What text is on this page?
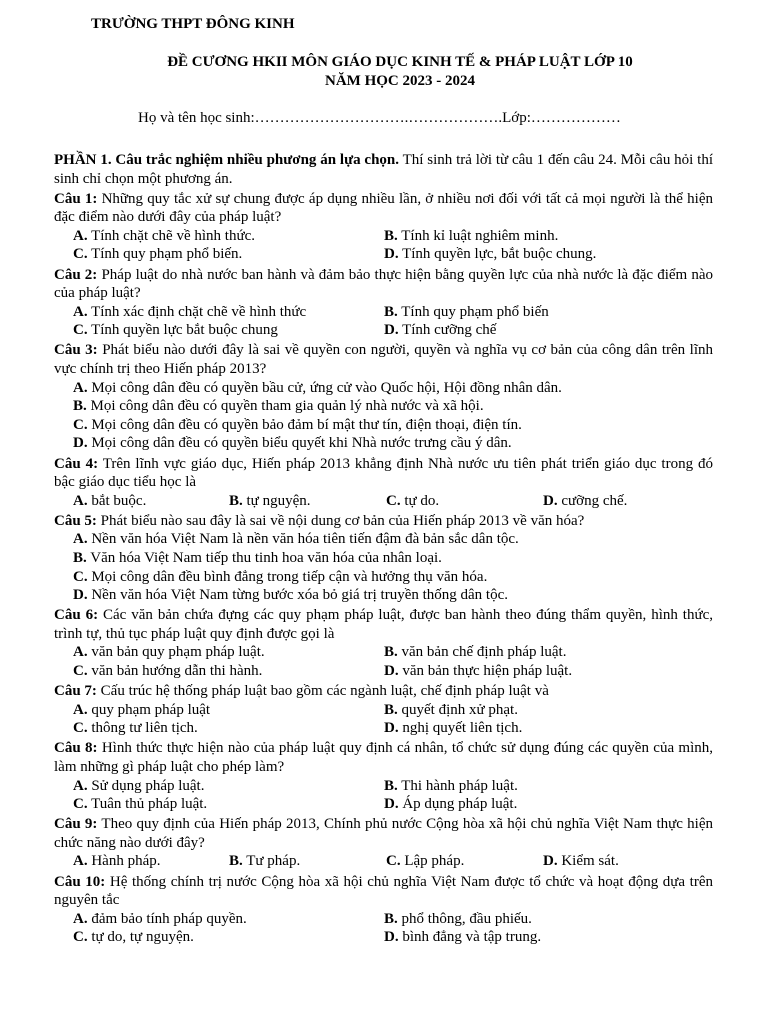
TRƯỜNG THPT ĐÔNG KINH
ĐỀ CƯƠNG HKII MÔN GIÁO DỤC KINH TẾ & PHÁP LUẬT LỚP 10
NĂM HỌC 2023 - 2024
Họ và tên học sinh:………………………….……………….Lớp:………………
PHẦN 1. Câu trắc nghiệm nhiều phương án lựa chọn. Thí sinh trả lời từ câu 1 đến câu 24. Mỗi câu hỏi thí sinh chỉ chọn một phương án.
Câu 1: Những quy tắc xử sự chung được áp dụng nhiều lần, ở nhiều nơi đối với tất cả mọi người là thể hiện đặc điểm nào dưới đây của pháp luật?
A. Tính chặt chẽ về hình thức.	B. Tính kỉ luật nghiêm minh.
C. Tính quy phạm phổ biến.	D. Tính quyền lực, bắt buộc chung.
Câu 2: Pháp luật do nhà nước ban hành và đảm bảo thực hiện bằng quyền lực của nhà nước là đặc điểm nào của pháp luật?
A. Tính xác định chặt chẽ về hình thức	B. Tính quy phạm phổ biến
C. Tính quyền lực bắt buộc chung	D. Tính cưỡng chế
Câu 3: Phát biểu nào dưới đây là sai về quyền con người, quyền và nghĩa vụ cơ bản của công dân trên lĩnh vực chính trị theo Hiến pháp 2013?
A. Mọi công dân đều có quyền bầu cử, ứng cử vào Quốc hội, Hội đồng nhân dân.
B. Mọi công dân đều có quyền tham gia quản lý nhà nước và xã hội.
C. Mọi công dân đều có quyền bảo đảm bí mật thư tín, điện thoại, điện tín.
D. Mọi công dân đều có quyền biểu quyết khi Nhà nước trưng cầu ý dân.
Câu 4: Trên lĩnh vực giáo dục, Hiến pháp 2013 khẳng định Nhà nước ưu tiên phát triển giáo dục trong đó bậc giáo dục tiểu học là
A. bắt buộc.	B. tự nguyện.	C. tự do.	D. cưỡng chế.
Câu 5: Phát biểu nào sau đây là sai về nội dung cơ bản của Hiến pháp 2013 về văn hóa?
A. Nền văn hóa Việt Nam là nền văn hóa tiên tiến đậm đà bản sắc dân tộc.
B. Văn hóa Việt Nam tiếp thu tinh hoa văn hóa của nhân loại.
C. Mọi công dân đều bình đẳng trong tiếp cận và hưởng thụ văn hóa.
D. Nền văn hóa Việt Nam từng bước xóa bỏ giá trị truyền thống dân tộc.
Câu 6: Các văn bản chứa đựng các quy phạm pháp luật, được ban hành theo đúng thẩm quyền, hình thức, trình tự, thủ tục pháp luật quy định được gọi là
A. văn bản quy phạm pháp luật.	B. văn bản chế định pháp luật.
C. văn bản hướng dẫn thi hành.	D. văn bản thực hiện pháp luật.
Câu 7: Cấu trúc hệ thống pháp luật bao gồm các ngành luật, chế định pháp luật và
A. quy phạm pháp luật	B. quyết định xử phạt.
C. thông tư liên tịch.	D. nghị quyết liên tịch.
Câu 8: Hình thức thực hiện nào của pháp luật quy định cá nhân, tổ chức sử dụng đúng các quyền của mình, làm những gì pháp luật cho phép làm?
A. Sử dụng pháp luật.	B. Thi hành pháp luật.
C. Tuân thủ pháp luật.	D. Áp dụng pháp luật.
Câu 9: Theo quy định của Hiến pháp 2013, Chính phủ nước Cộng hòa xã hội chủ nghĩa Việt Nam thực hiện chức năng nào dưới đây?
A. Hành pháp.	B. Tư pháp.	C. Lập pháp.	D. Kiểm sát.
Câu 10: Hệ thống chính trị nước Cộng hòa xã hội chủ nghĩa Việt Nam được tổ chức và hoạt động dựa trên nguyên tắc
A. đảm bảo tính pháp quyền.	B. phổ thông, đầu phiếu.
C. tự do, tự nguyện.	D. bình đẳng và tập trung.
